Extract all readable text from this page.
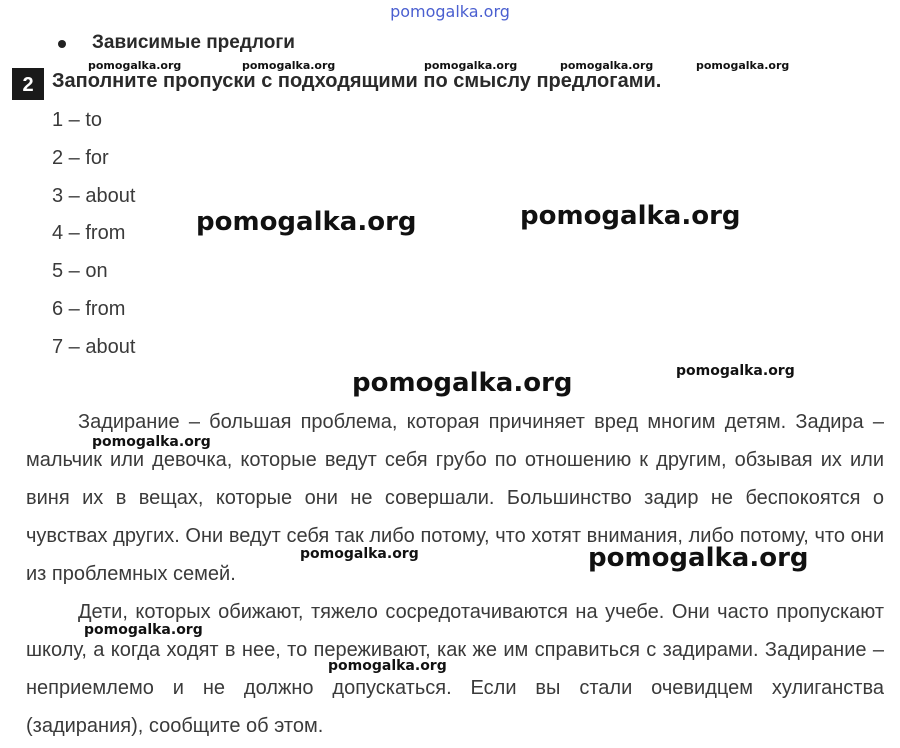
pomogalka.org
Зависимые предлоги
2 Заполните пропуски с подходящими по смыслу предлогами.
1 – to
2 – for
3 – about
4 – from
5 – on
6 – from
7 – about

Задирание – большая проблема, которая причиняет вред многим детям. Задира – мальчик или девочка, которые ведут себя грубо по отношению к другим, обзывая их или виня их в вещах, которые они не совершали. Большинство задир не беспокоятся о чувствах других. Они ведут себя так либо потому, что хотят внимания, либо потому, что они из проблемных семей.

Дети, которых обижают, тяжело сосредотачиваются на учебе. Они часто пропускают школу, а когда ходят в нее, то переживают, как же им справиться с задирами. Задирание – неприемлемо и не должно допускаться. Если вы стали очевидцем хулиганства (задирания), сообщите об этом.

pomogalka.org	pomogalka.org	pomogalka.org	pomogalka.org	pomogalka.org
pomogalka.org	pomogalka.org
pomogalka.org	pomogalka.org
pomogalka.org
pomogalka.org	pomogalka.org
pomogalka.org
pomogalka.org
